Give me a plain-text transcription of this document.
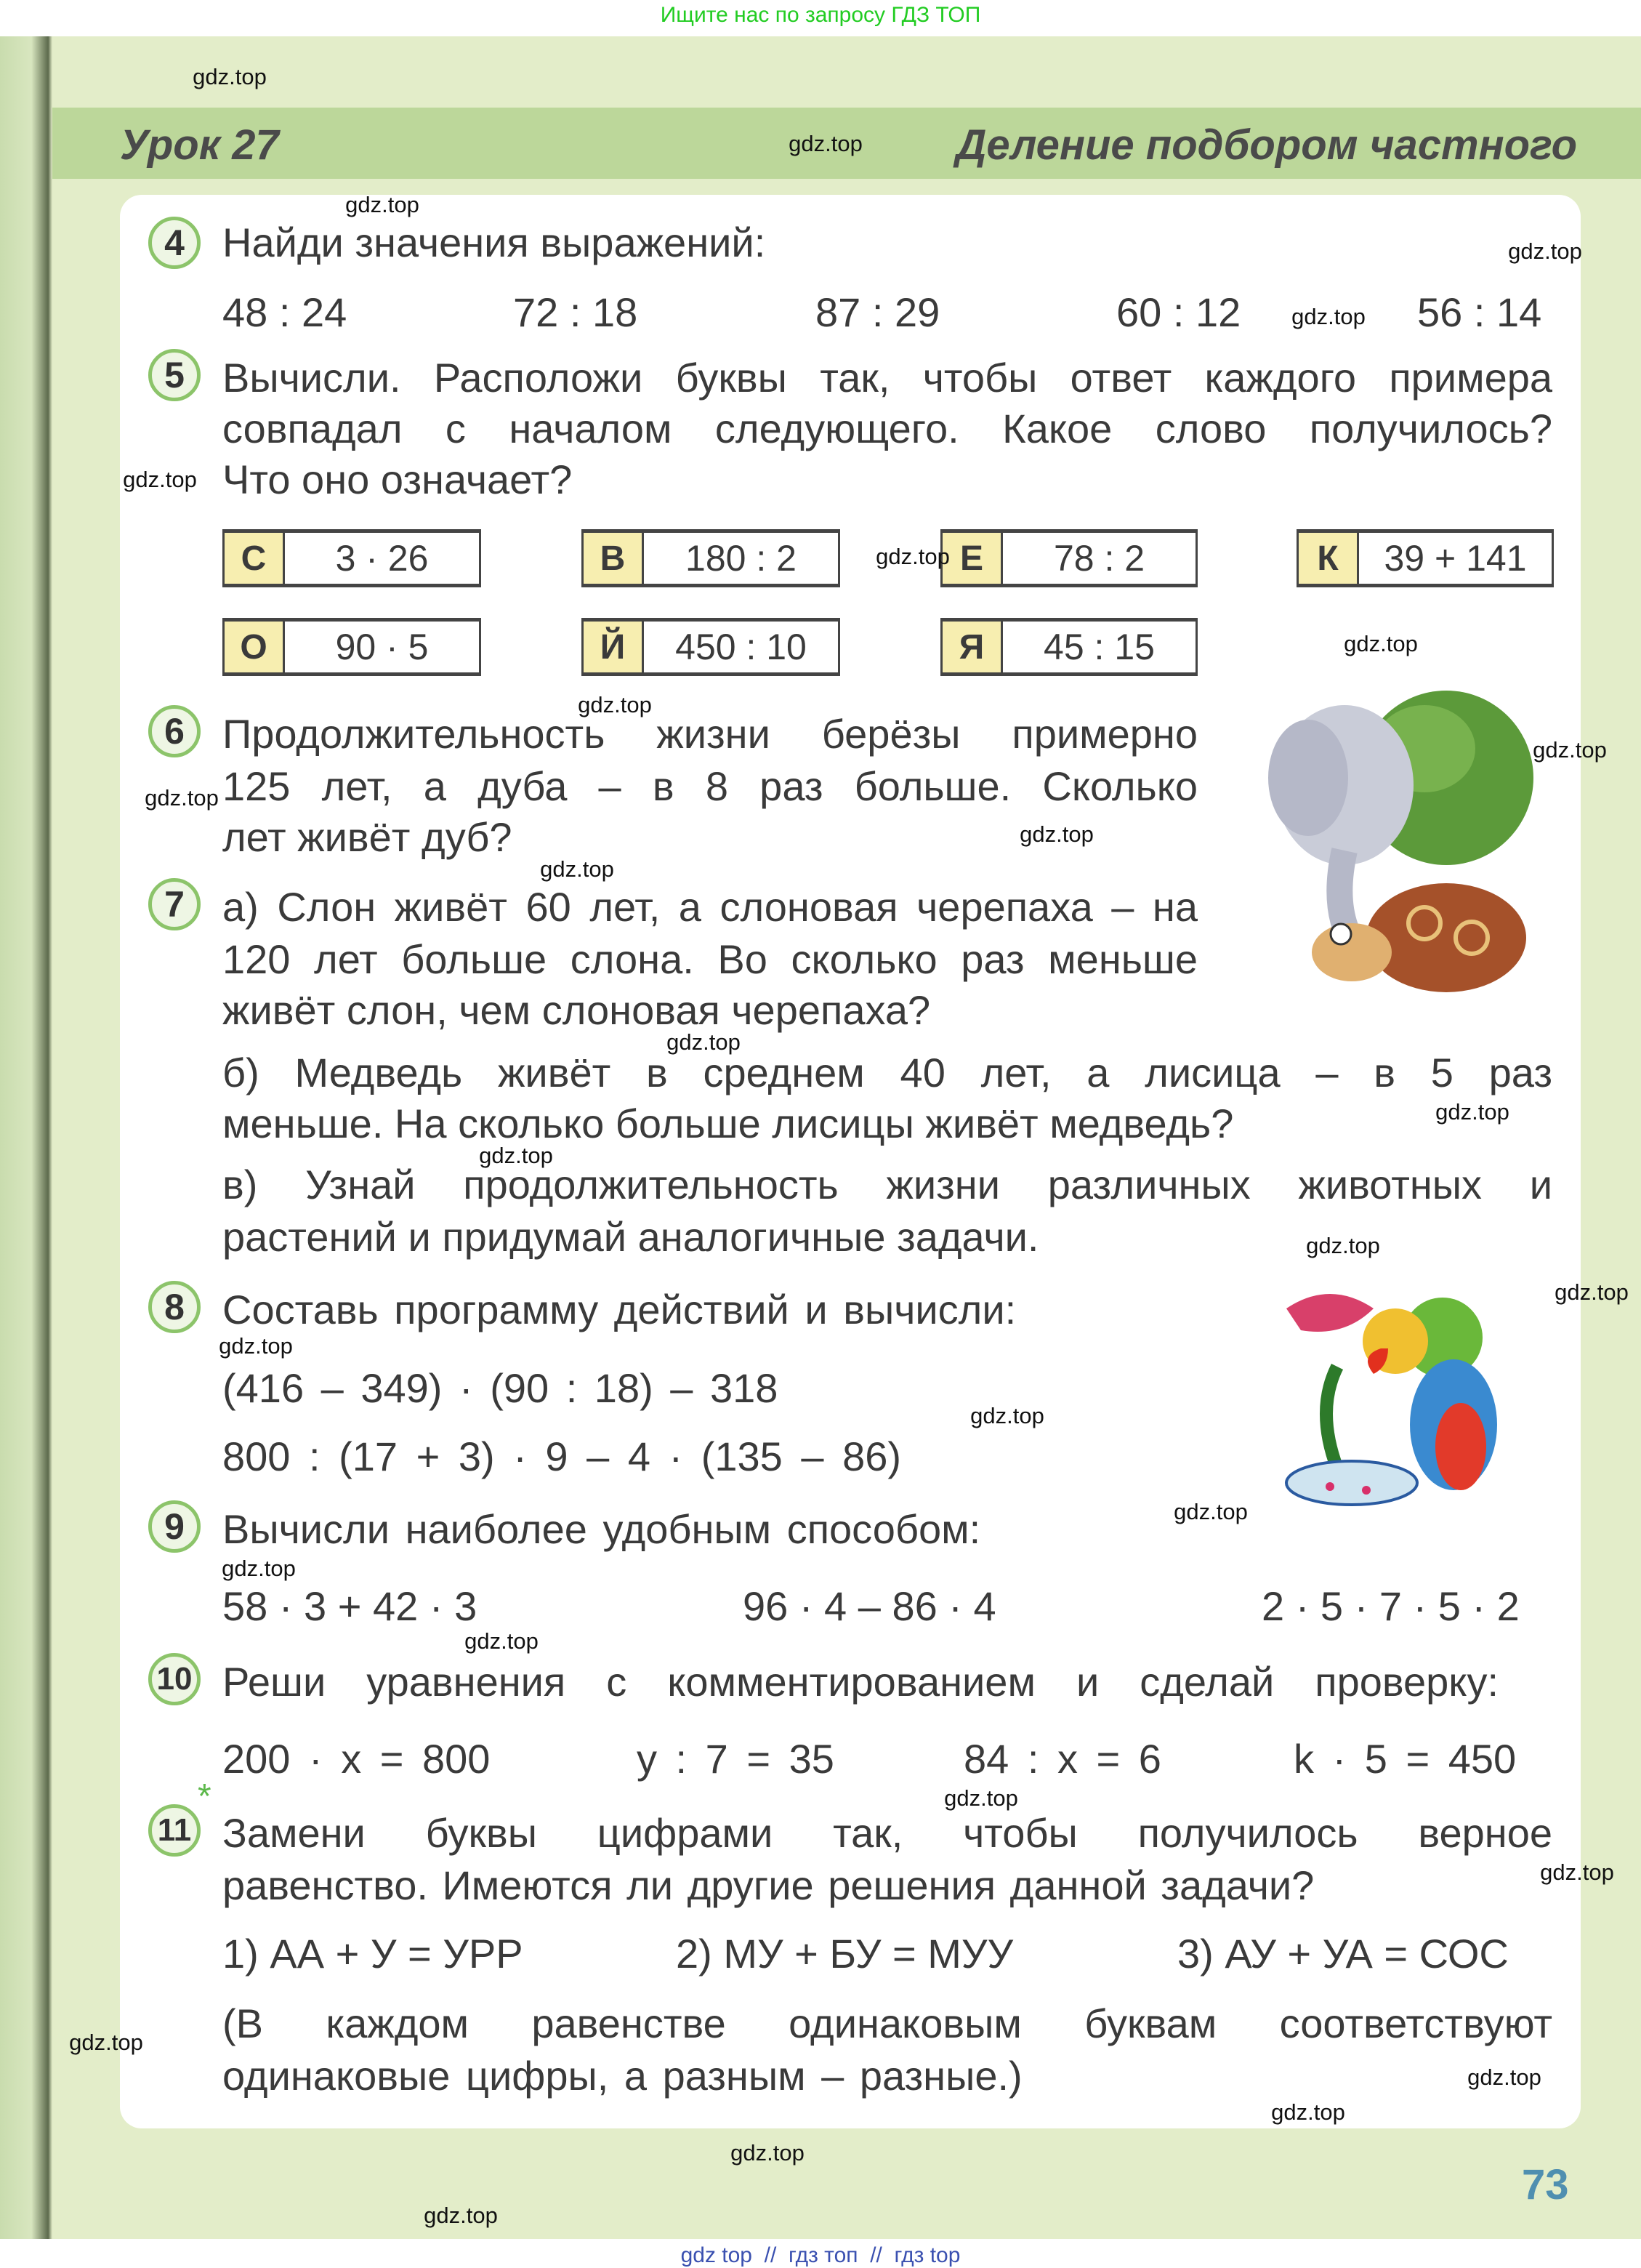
Ищите нас по запросу ГДЗ ТОП
Урок 27	Деление подбором частного
4 Найди значения выражений:
48 : 24	72 : 18	87 : 29	60 : 12	56 : 14
5 Вычисли. Расположи буквы так, чтобы ответ каждого примера
совпадал с началом следующего. Какое слово получилось?
Что оно означает?
С	3 · 26	В	180 : 2	Е	78 : 2	К	39 + 141
О	90 · 5	Й	450 : 10	Я	45 : 15
6 Продолжительность жизни берёзы примерно
125 лет, а дуба – в 8 раз больше. Сколько
лет живёт дуб?
7 а) Слон живёт 60 лет, а слоновая черепаха – на
120 лет больше слона. Во сколько раз меньше
живёт слон, чем слоновая черепаха?
б) Медведь живёт в среднем 40 лет, а лисица – в 5 раз
меньше. На сколько больше лисицы живёт медведь?
в) Узнай продолжительность жизни различных животных и
растений и придумай аналогичные задачи.
8 Составь программу действий и вычисли:
(416 – 349) · (90 : 18) – 318
800 : (17 + 3) · 9 – 4 · (135 – 86)
9 Вычисли наиболее удобным способом:
58 · 3 + 42 · 3	96 · 4 – 86 · 4	2 · 5 · 7 · 5 · 2
10 Реши уравнения с комментированием и сделай проверку:
200 · x = 800	y : 7 = 35	84 : x = 6	k · 5 = 450
*
11 Замени буквы цифрами так, чтобы получилось верное
равенство. Имеются ли другие решения данной задачи?
1) АА + У = УРР	2) МУ + БУ = МУУ	3) АУ + УА = СОС
(В каждом равенстве одинаковым буквам соответствуют
одинаковые цифры, а разным – разные.)
73
gdz.top
gdz.top
gdz.top
gdz.top
gdz.top
gdz.top
gdz.top
gdz.top
gdz.top
gdz.top
gdz.top
gdz.top
gdz.top
gdz.top
gdz.top
gdz.top
gdz.top
gdz.top
gdz.top
gdz.top
gdz.top
gdz.top
gdz.top
gdz.top
gdz.top
gdz.top
gdz.top
gdz.top
gdz.top
gdz.top
gdz top  //  гдз топ  //  гдз top
